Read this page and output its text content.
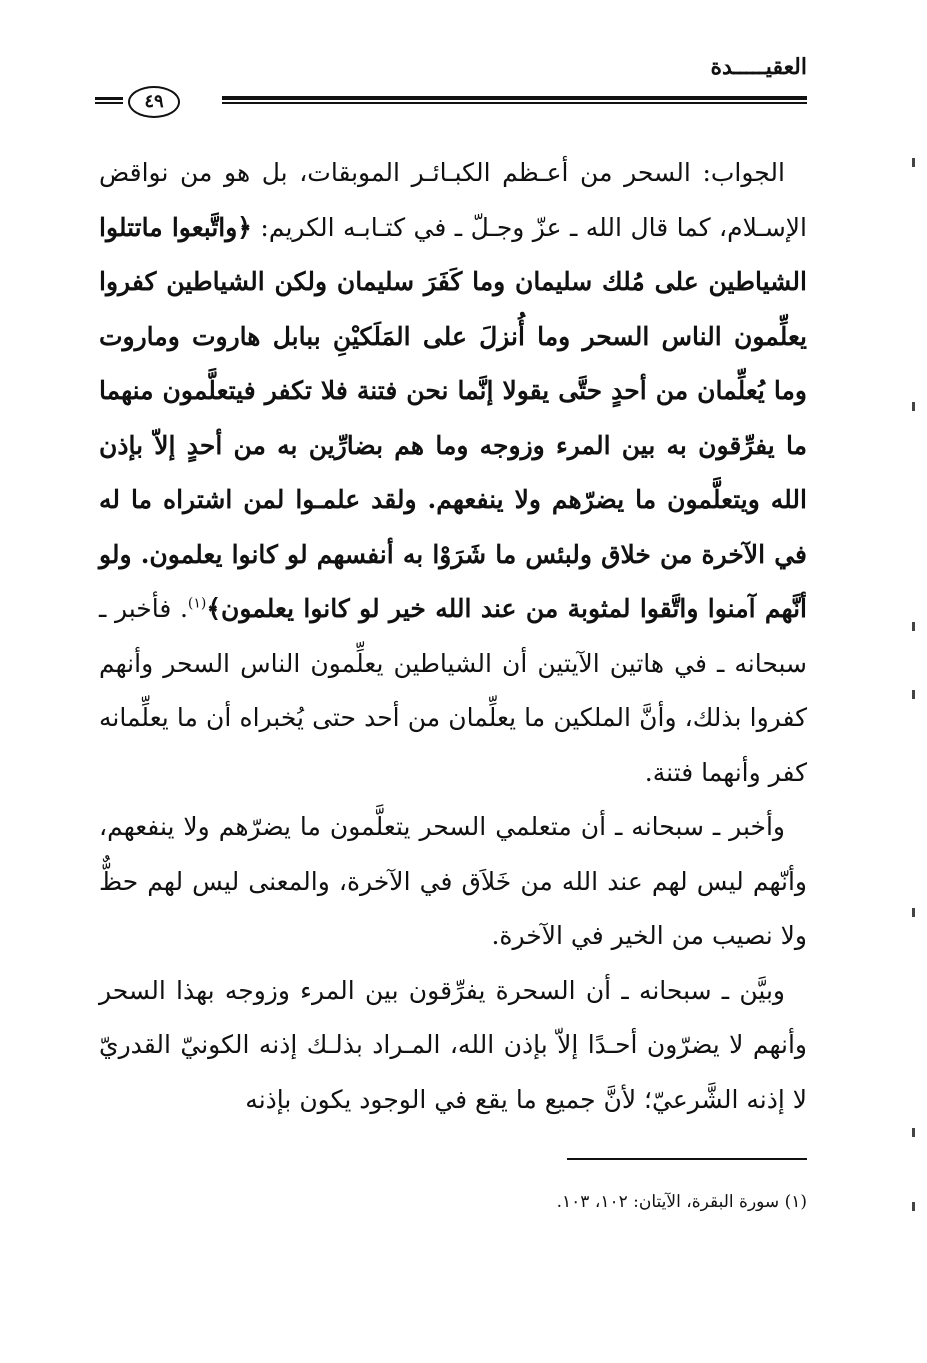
العقيـــــدة
٤٩

الجواب: السحر من أعـظم الكبـائـر الموبقات، بل هو من نواقض الإسـلام، كما قال الله ـ عزّ وجـلّ ـ في كتـابـه الكريم: ﴿واتَّبعوا ماتتلوا الشياطين على مُلك سليمان وما كَفَرَ سليمان ولكن الشياطين كفروا يعلِّمون الناس السحر وما أُنزلَ على المَلَكيْنِ ببابل هاروت وماروت وما يُعلِّمان من أحدٍ حتَّى يقولا إنَّما نحن فتنة فلا تكفر فيتعلَّمون منهما ما يفرِّقون به بين المرء وزوجه وما هم بضارِّين به من أحدٍ إلاّ بإذن الله ويتعلَّمون ما يضرّهم ولا ينفعهم. ولقد علمـوا لمن اشتراه ما له في الآخرة من خلاق ولبئس ما شَرَوْا به أنفسهم لو كانوا يعلمون. ولو أنَّهم آمنوا واتَّقوا لمثوبة من عند الله خير لو كانوا يعلمون﴾$^{(١)}$. فأخبر ـ سبحانه ـ في هاتين الآيتين أن الشياطين يعلِّمون الناس السحر وأنهم كفروا بذلك، وأنَّ الملكين ما يعلِّمان من أحد حتى يُخبراه أن ما يعلِّمانه كفر وأنهما فتنة.

وأخبر ـ سبحانه ـ أن متعلمي السحر يتعلَّمون ما يضرّهم ولا ينفعهم، وأنّهم ليس لهم عند الله من خَلاَق في الآخرة، والمعنى ليس لهم حظٌّ ولا نصيب من الخير في الآخرة.

وبيَّن ـ سبحانه ـ أن السحرة يفرِّقون بين المرء وزوجه بهذا السحر وأنهم لا يضرّون أحـدًا إلاّ بإذن الله، المـراد بذلـك إذنه الكونيّ القدريّ لا إذنه الشَّرعيّ؛ لأنَّ جميع ما يقع في الوجود يكون بإذنه

(١) سورة البقرة، الآيتان: ١٠٢، ١٠٣.
